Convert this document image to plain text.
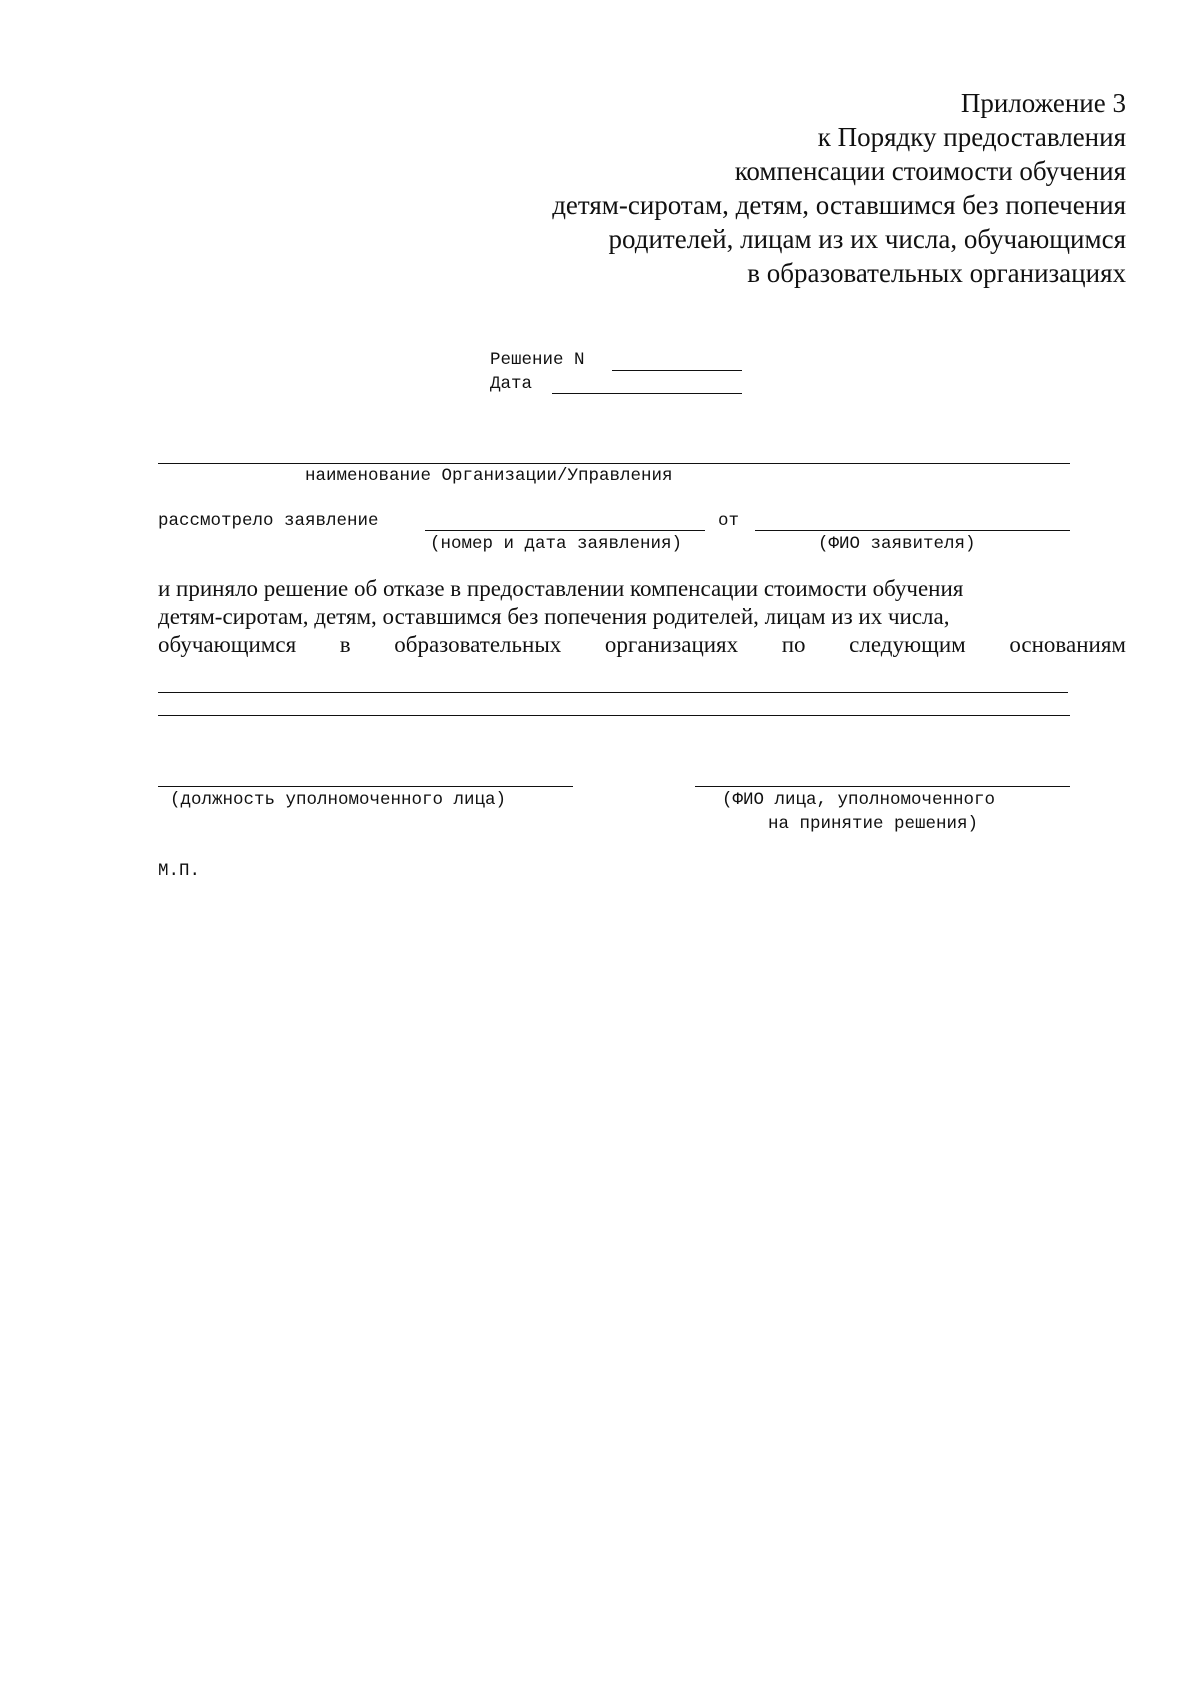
Приложение 3
к Порядку предоставления
компенсации стоимости обучения
детям-сиротам, детям, оставшимся без попечения
родителей, лицам из их числа, обучающимся
в образовательных организациях
Решение N
Дата
наименование Организации/Управления
рассмотрело заявление	от
(номер и дата заявления)	(ФИО заявителя)
и приняло решение об отказе в предоставлении компенсации стоимости обучения
детям-сиротам, детям, оставшимся без попечения родителей, лицам из их числа,
обучающимся в образовательных организациях по следующим основаниям
(должность уполномоченного лица)	(ФИО лица, уполномоченного
на принятие решения)
М.П.
